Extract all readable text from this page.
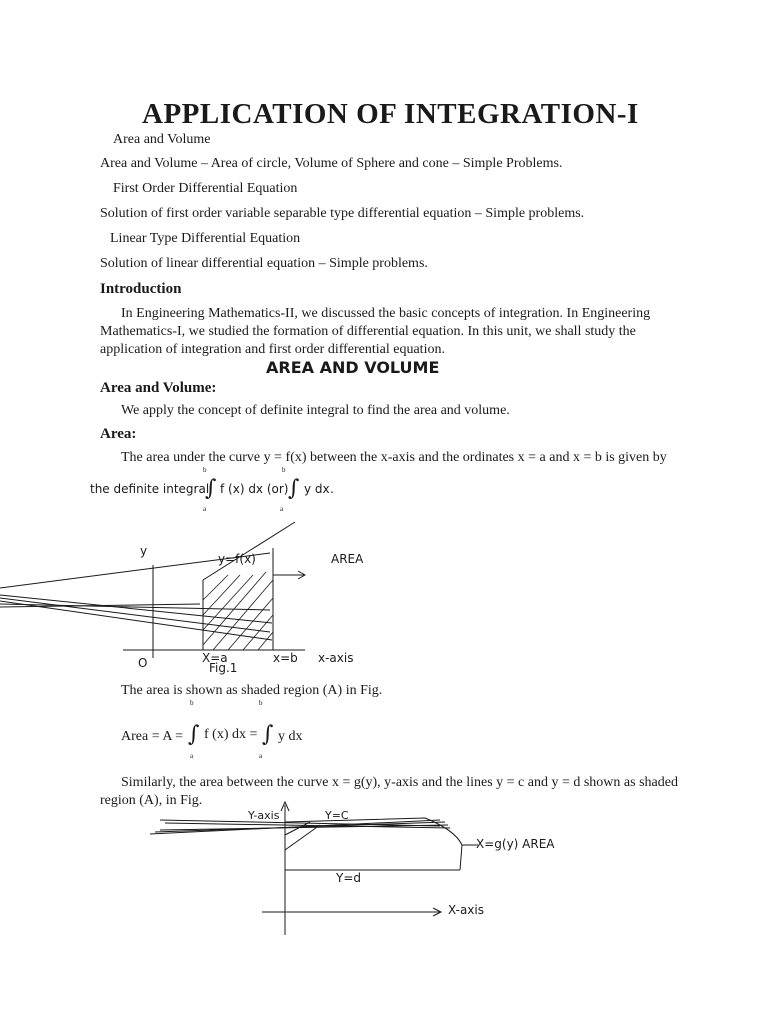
APPLICATION OF INTEGRATION-I
Area and Volume
Area and Volume – Area of circle, Volume of Sphere and cone – Simple Problems.
First Order Differential Equation
Solution of first order variable separable type differential equation – Simple problems.
Linear Type Differential Equation
Solution of linear differential equation – Simple problems.
Introduction
In Engineering Mathematics-II, we discussed the basic concepts of integration. In Engineering Mathematics-I, we studied the formation of differential equation. In this unit, we shall study the application of integration and first order differential equation.
AREA AND VOLUME
Area and Volume:
We apply the concept of definite integral to find the area and volume.
Area:
The area under the curve y = f(x) between the x-axis and the ordinates x = a and x = b is given by
b	b
the definite integral
∫ f (x) dx (or) ∫ y dx .
a	a
y
y=f(x)	AREA
O	X=a	x=b x-axis
Fig.1
The area is shown as shaded region (A) in Fig.
b	b
Area = A = ∫ f (x) dx = ∫ y dx
a	a
Similarly, the area between the curve x = g(y), y-axis and the lines y = c and y = d shown as shaded region (A), in Fig.
Y-axis	Y=C
X=g(y) AREA
Y=d
X-axis
